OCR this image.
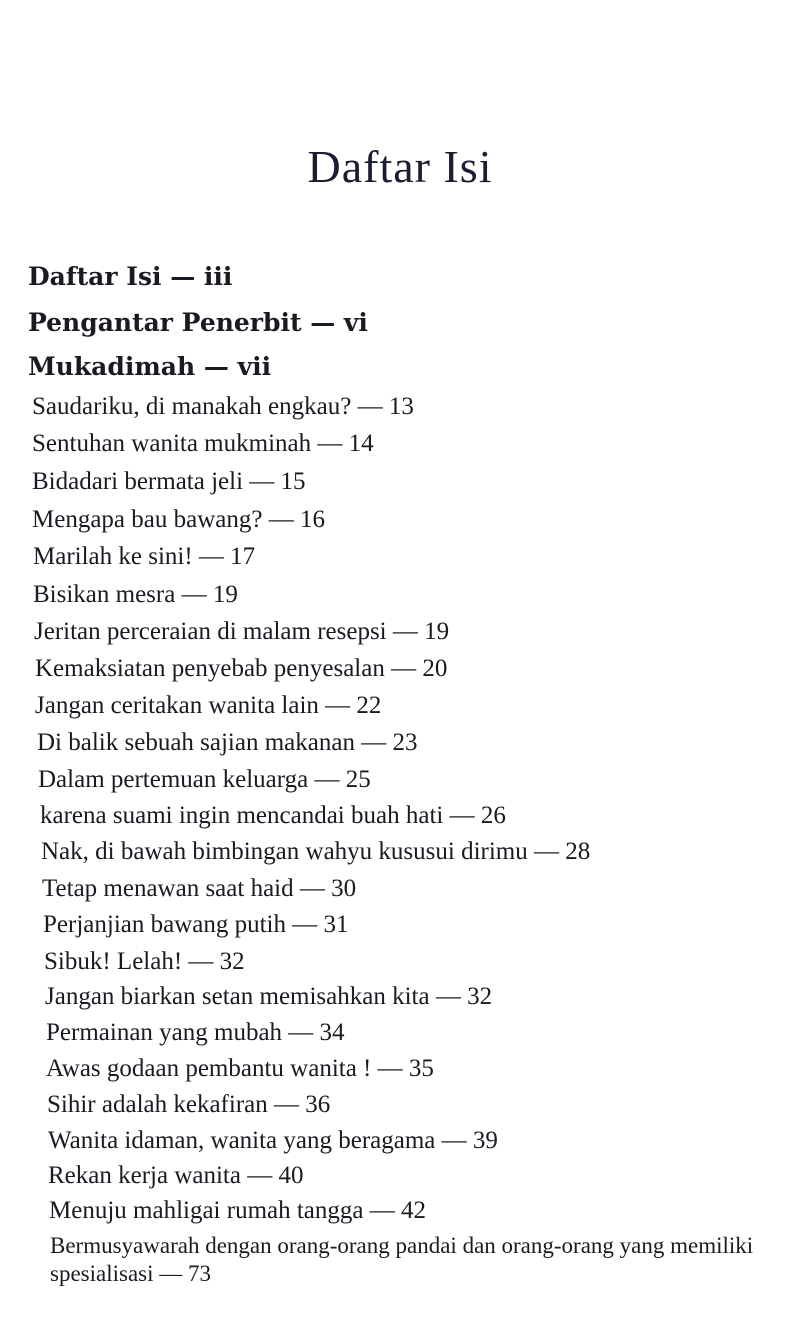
Daftar Isi
Daftar Isi — iii
Pengantar Penerbit — vi
Mukadimah — vii
Saudariku, di manakah engkau? — 13
Sentuhan wanita mukminah — 14
Bidadari bermata jeli — 15
Mengapa bau bawang? — 16
Marilah ke sini! — 17
Bisikan mesra — 19
Jeritan perceraian di malam resepsi — 19
Kemaksiatan penyebab penyesalan — 20
Jangan ceritakan wanita lain — 22
Di balik sebuah sajian makanan — 23
Dalam pertemuan keluarga — 25
karena suami ingin mencandai buah hati — 26
Nak, di bawah bimbingan wahyu kususui dirimu — 28
Tetap menawan saat haid — 30
Perjanjian bawang putih — 31
Sibuk! Lelah! — 32
Jangan biarkan setan memisahkan kita — 32
Permainan yang mubah — 34
Awas godaan pembantu wanita ! — 35
Sihir adalah kekafiran — 36
Wanita idaman, wanita yang beragama — 39
Rekan kerja wanita — 40
Menuju mahligai rumah tangga — 42
Bermusyawarah dengan orang-orang pandai dan orang-orang yang memiliki spesialisasi — 73
